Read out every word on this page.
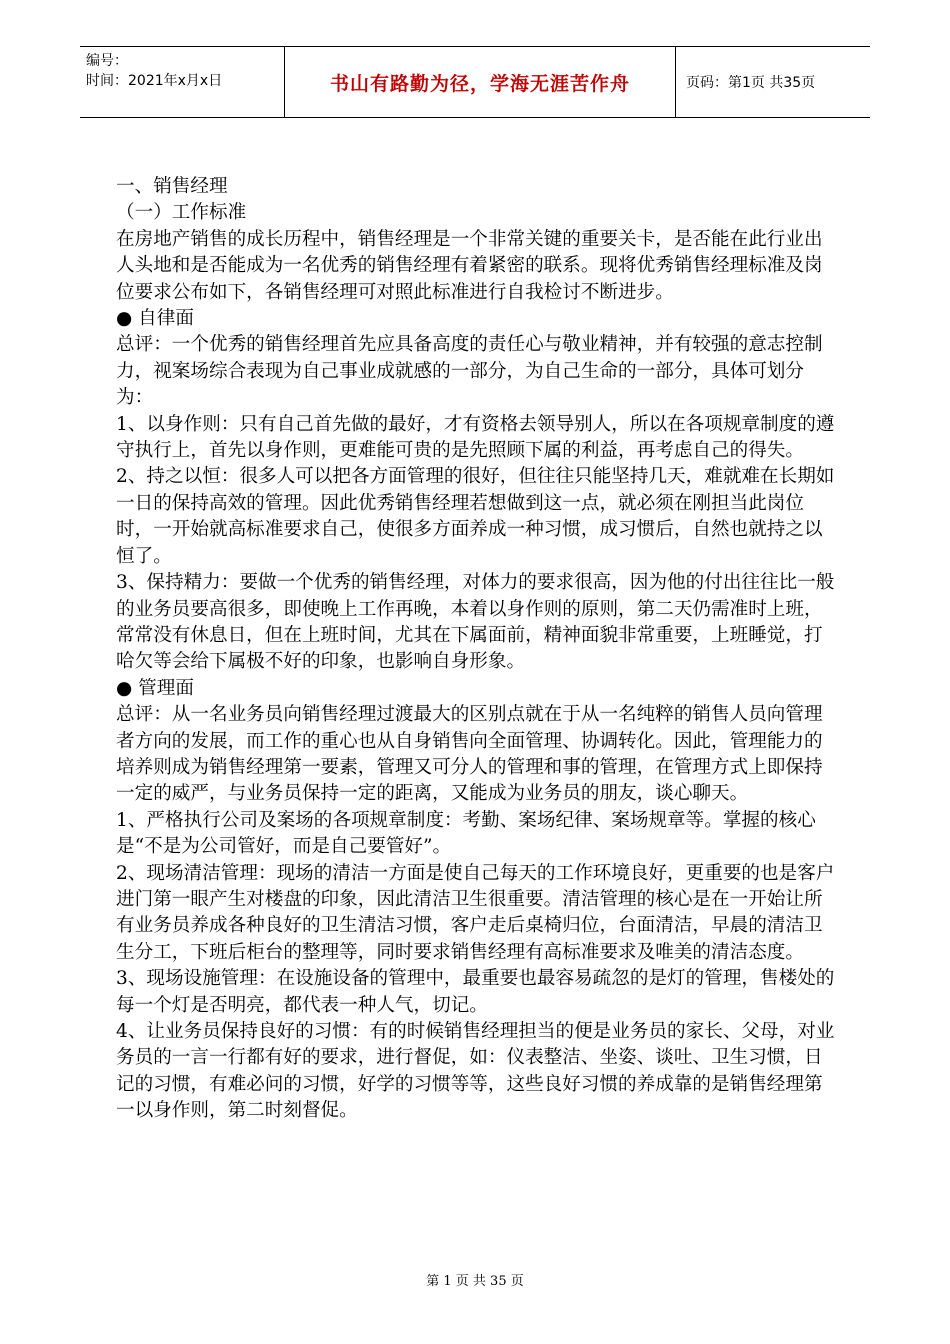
编号：
时间：2021年x月x日	书山有路勤为径，学海无涯苦作舟	页码：第1页 共35页

一、销售经理

（一）工作标准

在房地产销售的成长历程中，销售经理是一个非常关键的重要关卡，是否能在此行业出人头地和是否能成为一名优秀的销售经理有着紧密的联系。现将优秀销售经理标准及岗位要求公布如下，各销售经理可对照此标准进行自我检讨不断进步。

● 自律面

总评：一个优秀的销售经理首先应具备高度的责任心与敬业精神，并有较强的意志控制力，视案场综合表现为自己事业成就感的一部分，为自己生命的一部分，具体可划分为：

1、以身作则：只有自己首先做的最好，才有资格去领导别人，所以在各项规章制度的遵守执行上，首先以身作则，更难能可贵的是先照顾下属的利益，再考虑自己的得失。

2、持之以恒：很多人可以把各方面管理的很好，但往往只能坚持几天，难就难在长期如一日的保持高效的管理。因此优秀销售经理若想做到这一点，就必须在刚担当此岗位时，一开始就高标准要求自己，使很多方面养成一种习惯，成习惯后，自然也就持之以恒了。

3、保持精力：要做一个优秀的销售经理，对体力的要求很高，因为他的付出往往比一般的业务员要高很多，即使晚上工作再晚，本着以身作则的原则，第二天仍需准时上班，常常没有休息日，但在上班时间，尤其在下属面前，精神面貌非常重要，上班睡觉，打哈欠等会给下属极不好的印象，也影响自身形象。

● 管理面

总评：从一名业务员向销售经理过渡最大的区别点就在于从一名纯粹的销售人员向管理者方向的发展，而工作的重心也从自身销售向全面管理、协调转化。因此，管理能力的培养则成为销售经理第一要素，管理又可分人的管理和事的管理，在管理方式上即保持一定的威严，与业务员保持一定的距离，又能成为业务员的朋友，谈心聊天。

1、严格执行公司及案场的各项规章制度：考勤、案场纪律、案场规章等。掌握的核心是“不是为公司管好，而是自己要管好”。

2、现场清洁管理：现场的清洁一方面是使自己每天的工作环境良好，更重要的也是客户进门第一眼产生对楼盘的印象，因此清洁卫生很重要。清洁管理的核心是在一开始让所有业务员养成各种良好的卫生清洁习惯，客户走后桌椅归位，台面清洁，早晨的清洁卫生分工，下班后柜台的整理等，同时要求销售经理有高标准要求及唯美的清洁态度。

3、现场设施管理：在设施设备的管理中，最重要也最容易疏忽的是灯的管理，售楼处的每一个灯是否明亮，都代表一种人气，切记。

4、让业务员保持良好的习惯：有的时候销售经理担当的便是业务员的家长、父母，对业务员的一言一行都有好的要求，进行督促，如：仪表整洁、坐姿、谈吐、卫生习惯，日记的习惯，有难必问的习惯，好学的习惯等等，这些良好习惯的养成靠的是销售经理第一以身作则，第二时刻督促。

第 1 页 共 35 页
